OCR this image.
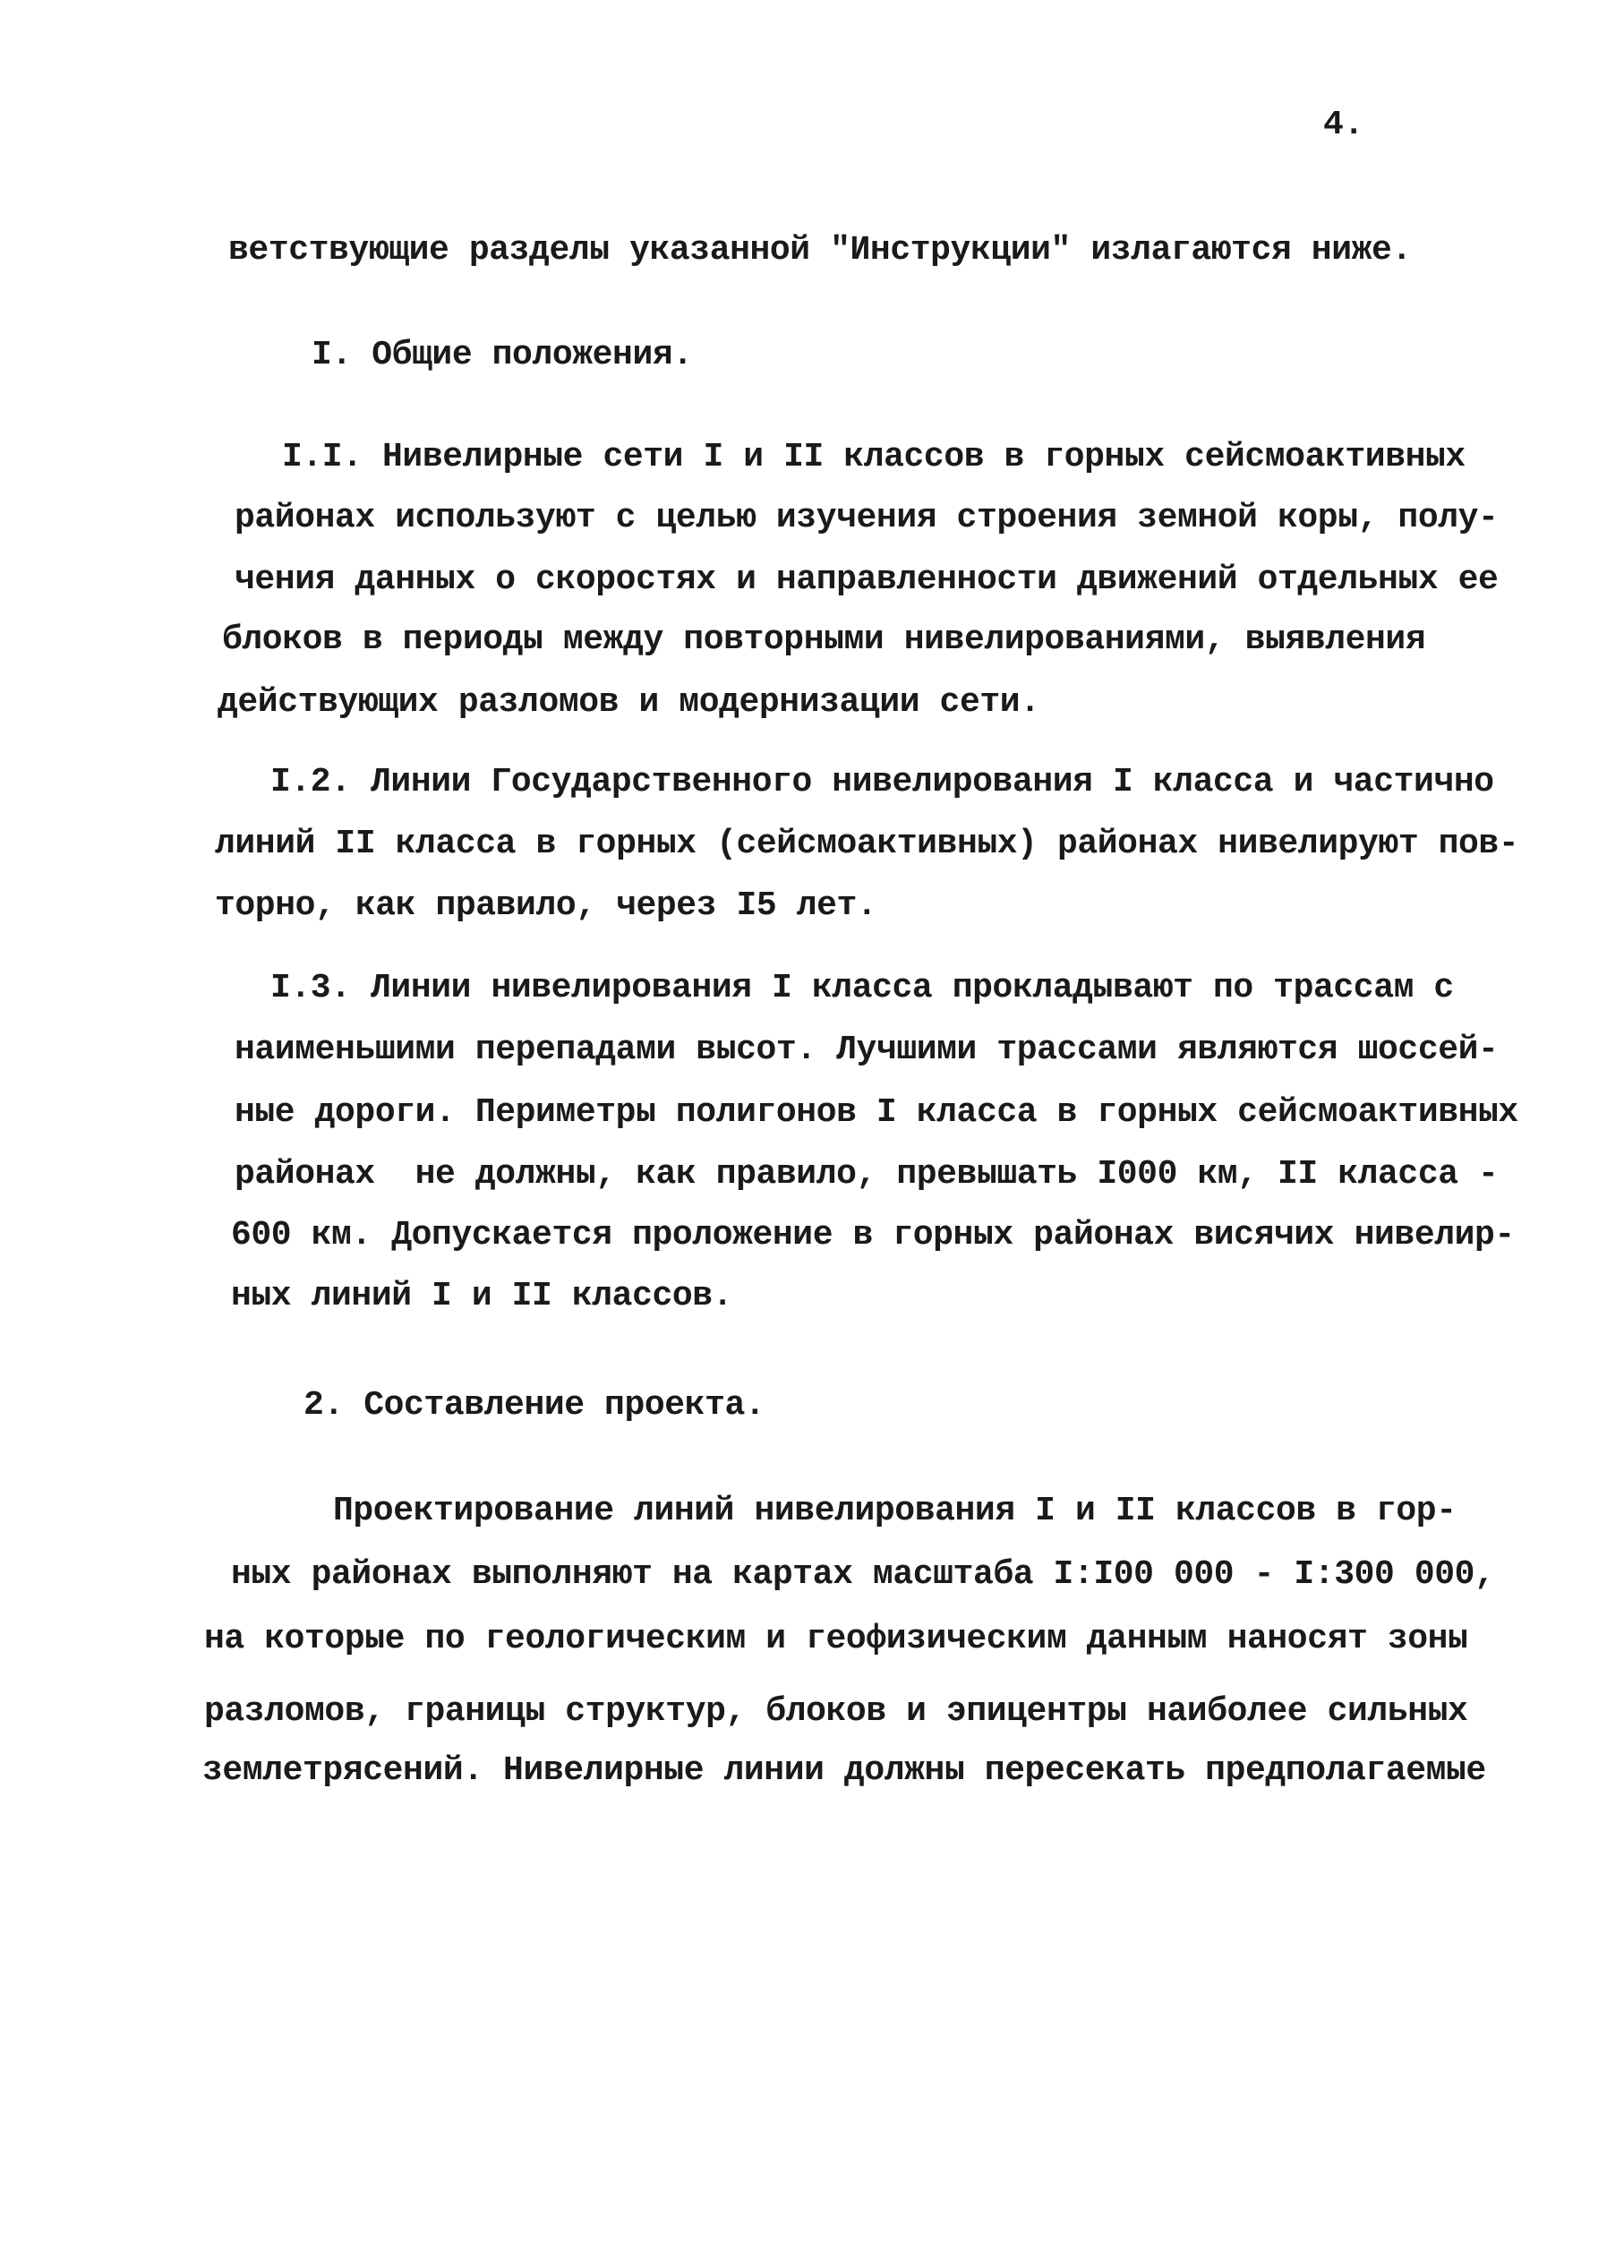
4.
ветствующие разделы указанной "Инструкции" излагаются ниже.
I. Общие положения.
I.I. Нивелирные сети I и II классов в горных сейсмоактивных
районах используют с целью изучения строения земной коры, полу-
чения данных о скоростях и направленности движений отдельных ее
блоков в периоды между повторными нивелированиями, выявления
действующих разломов и модернизации сети.
I.2. Линии Государственного нивелирования I класса и частично
линий II класса в горных (сейсмоактивных) районах нивелируют пов-
торно, как правило, через I5 лет.
I.3. Линии нивелирования I класса прокладывают по трассам с
наименьшими перепадами высот. Лучшими трассами являются шоссей-
ные дороги. Периметры полигонов I класса в горных сейсмоактивных
районах  не должны, как правило, превышать I000 км, II класса -
600 км. Допускается проложение в горных районах висячих нивелир-
ных линий I и II классов.
2. Составление проекта.
Проектирование линий нивелирования I и II классов в гор-
ных районах выполняют на картах масштаба I:I00 000 - I:300 000,
на которые по геологическим и геофизическим данным наносят зоны
разломов, границы структур, блоков и эпицентры наиболее сильных
землетрясений. Нивелирные линии должны пересекать предполагаемые
